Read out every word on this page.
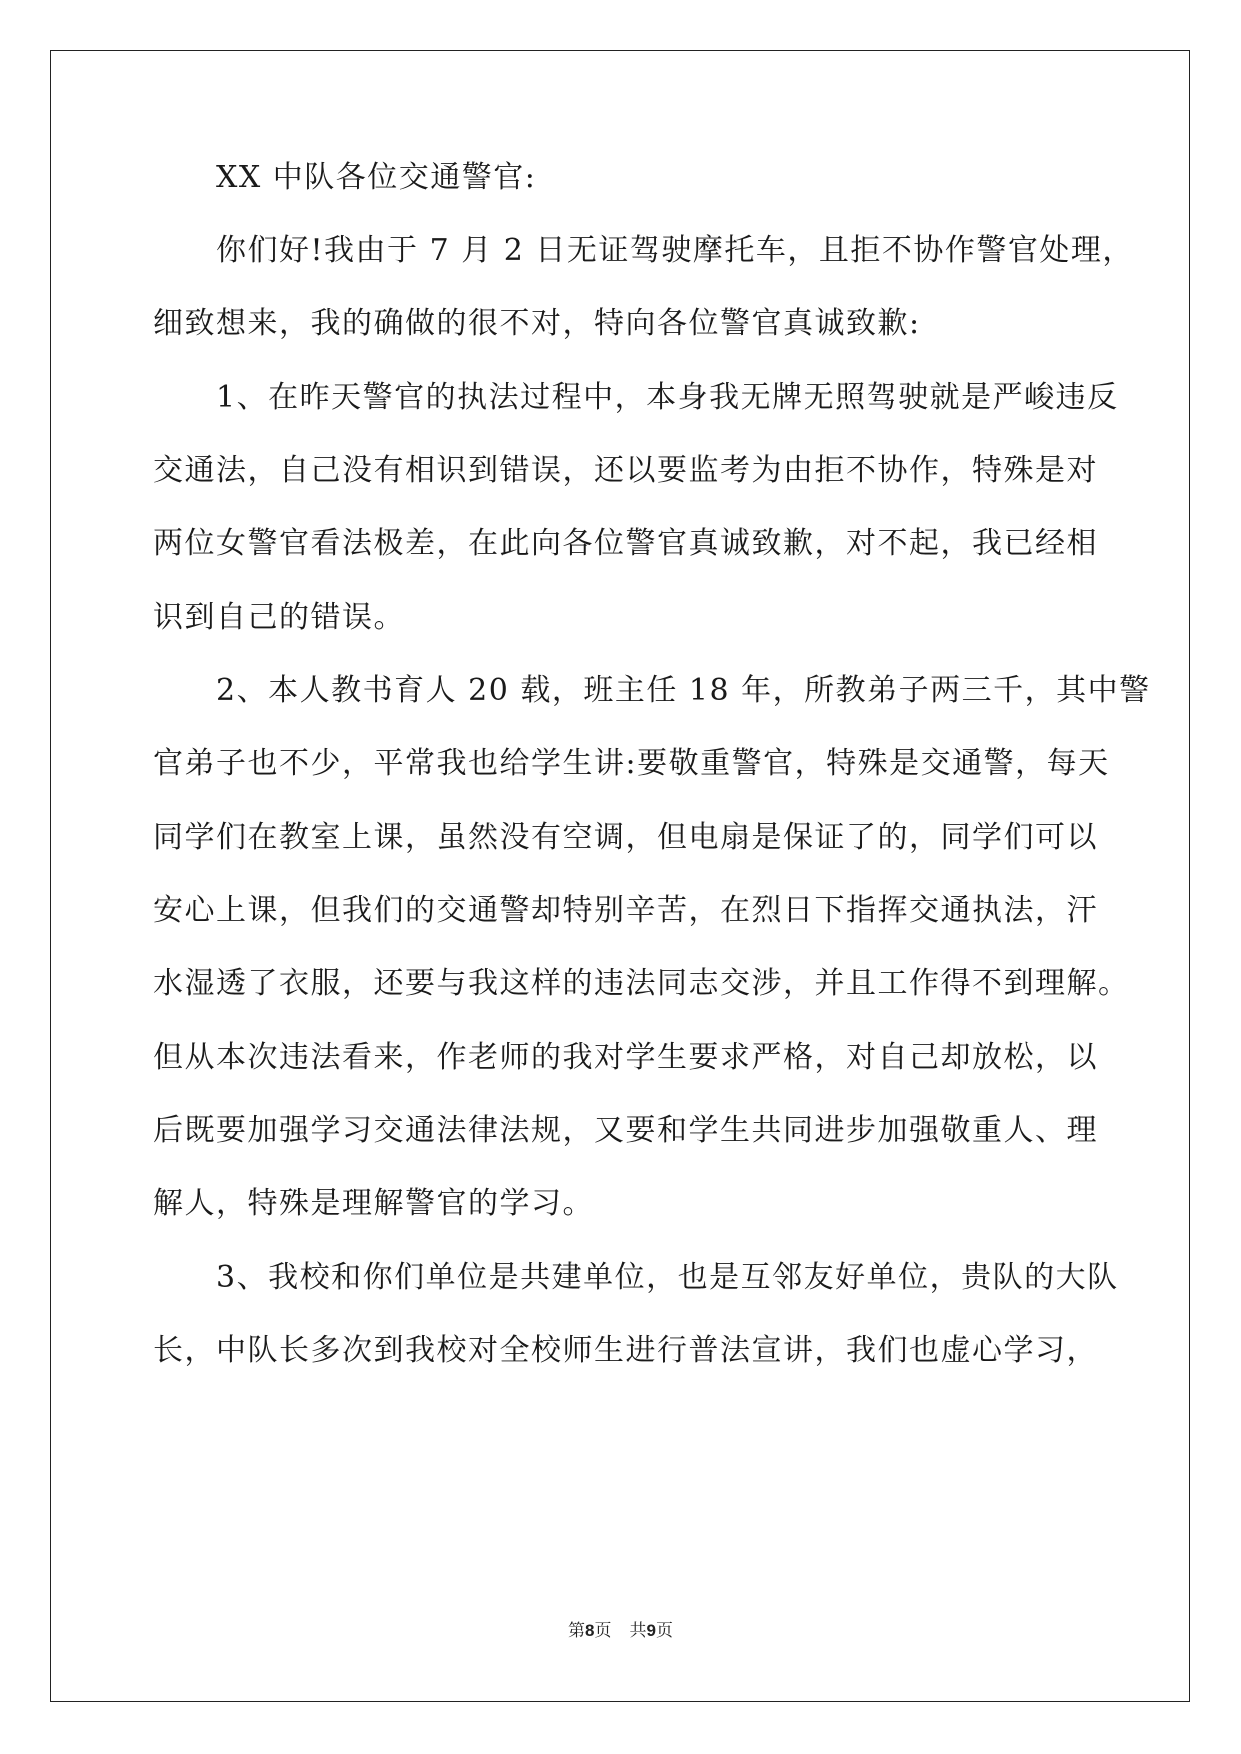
　　XX 中队各位交通警官:
　　你们好!我由于 7 月 2 日无证驾驶摩托车，且拒不协作警官处理，
细致想来，我的确做的很不对，特向各位警官真诚致歉:
　　1、在昨天警官的执法过程中，本身我无牌无照驾驶就是严峻违反
交通法，自己没有相识到错误，还以要监考为由拒不协作，特殊是对
两位女警官看法极差，在此向各位警官真诚致歉，对不起，我已经相
识到自己的错误。
　　2、本人教书育人 20 载，班主任 18 年，所教弟子两三千，其中警
官弟子也不少，平常我也给学生讲:要敬重警官，特殊是交通警，每天
同学们在教室上课，虽然没有空调，但电扇是保证了的，同学们可以
安心上课，但我们的交通警却特别辛苦，在烈日下指挥交通执法，汗
水湿透了衣服，还要与我这样的违法同志交涉，并且工作得不到理解。
但从本次违法看来，作老师的我对学生要求严格，对自己却放松，以
后既要加强学习交通法律法规，又要和学生共同进步加强敬重人、理
解人，特殊是理解警官的学习。
　　3、我校和你们单位是共建单位，也是互邻友好单位，贵队的大队
长，中队长多次到我校对全校师生进行普法宣讲，我们也虚心学习，
第8页 共9页
